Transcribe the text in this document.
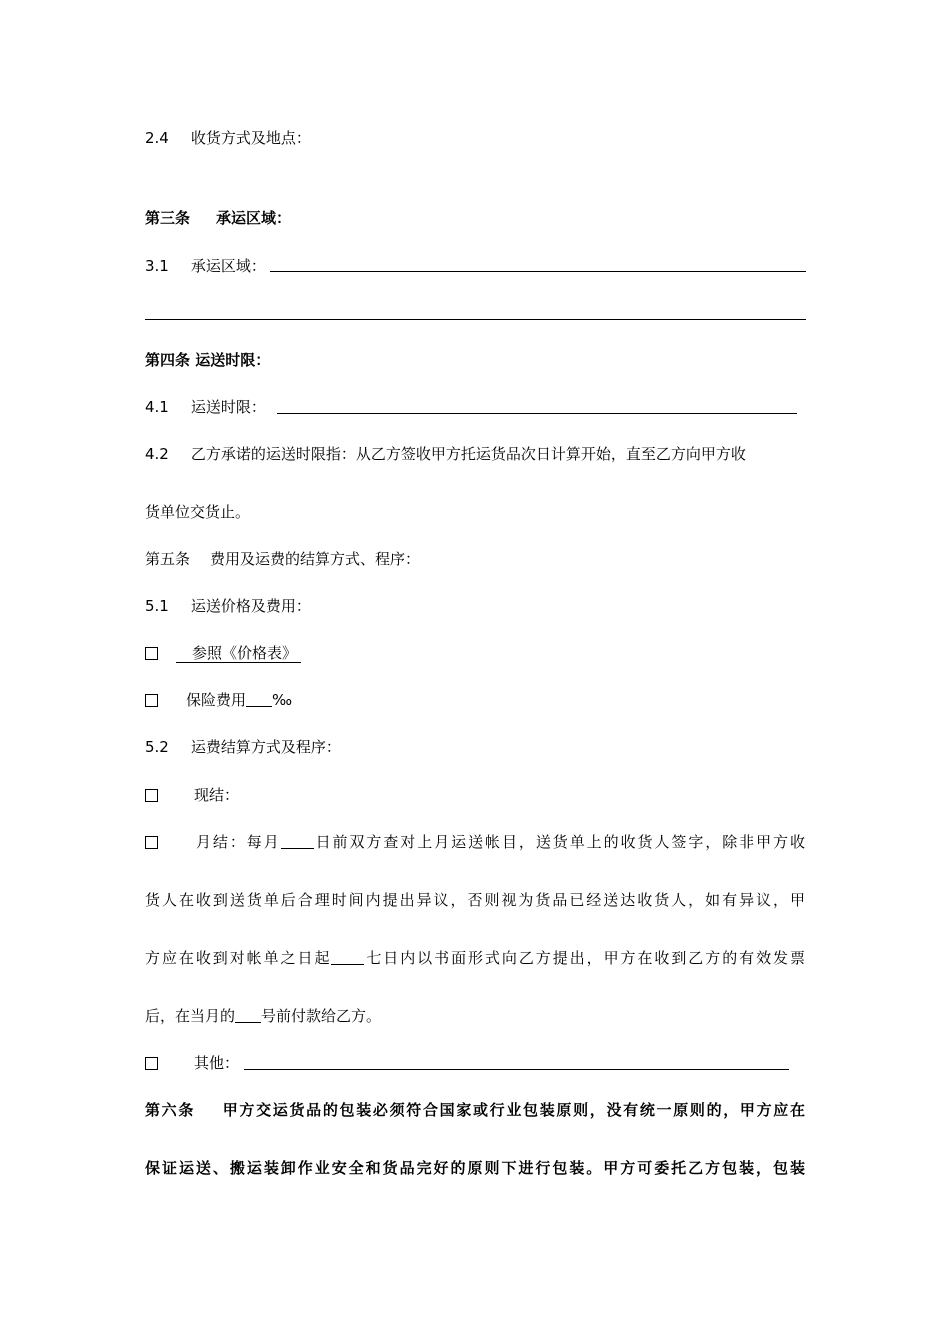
2.4 收货方式及地点：
第三条 承运区域：
3.1 承运区域：
第四条 运送时限：
4.1 运送时限：
4.2 乙方承诺的运送时限指：从乙方签收甲方托运货品次日计算开始，直至乙方向甲方收
货单位交货止。
第五条 费用及运费的结算方式、程序：
5.1 运送价格及费用：
参照《价格表》
保险费用 ‰
5.2 运费结算方式及程序：
现结：
月结：每月 日前双方查对上月运送帐目，送货单上的收货人签字，除非甲方收
货人在收到送货单后合理时间内提出异议，否则视为货品已经送达收货人，如有异议，甲
方应在收到对帐单之日起 七日内以书面形式向乙方提出，甲方在收到乙方的有效发票
后，在当月的 号前付款给乙方。
其他：
第六条 甲方交运货品的包装必须符合国家或行业包装原则，没有统一原则的，甲方应在
保证运送、搬运装卸作业安全和货品完好的原则下进行包装。甲方可委托乙方包装，包装
